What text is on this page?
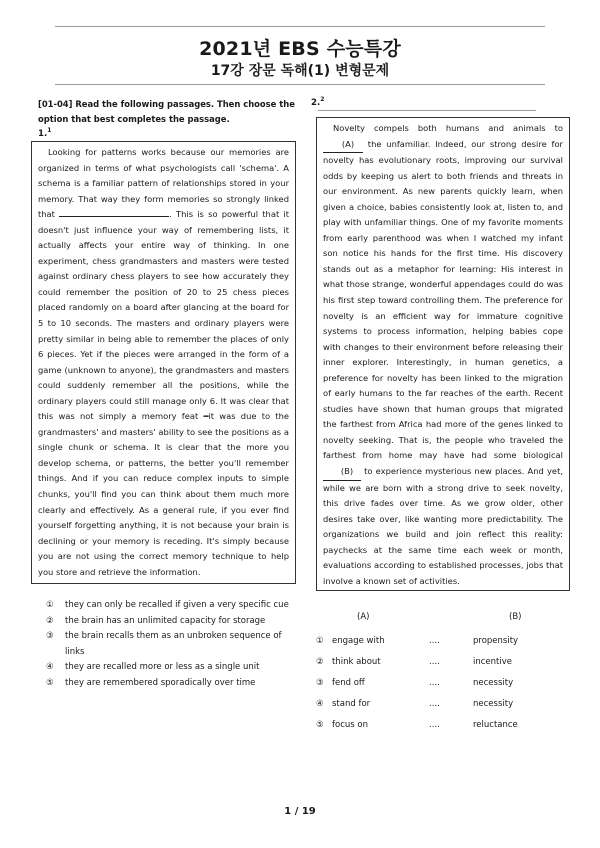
2021년 EBS 수능특강
17강 장문 독해(1) 변형문제
[01-04] Read the following passages. Then choose the option that best completes the passage.
1.$^1$

Looking for patterns works because our memories are organized in terms of what psychologists call 'schema'. A schema is a familiar pattern of relationships stored in your memory. That way they form memories so strongly linked that	. This is so powerful that it doesn't just influence your way of remembering lists, it actually affects your entire way of thinking. In one experiment, chess grandmasters and masters were tested against ordinary chess players to see how accurately they could remember the position of 20 to 25 chess pieces placed randomly on a board after glancing at the board for 5 to 10 seconds. The masters and ordinary players were pretty similar in being able to remember the places of only 6 pieces. Yet if the pieces were arranged in the form of a game (unknown to anyone), the grandmasters and masters could suddenly remember all the positions, while the ordinary players could still manage only 6. It was clear that this was not simply a memory feat ━it was due to the grandmasters' and masters' ability to see the positions as a single chunk or schema. It is clear that the more you develop schema, or patterns, the better you'll remember things. And if you can reduce complex inputs to simple chunks, you'll find you can think about them much more clearly and effectively. As a general rule, if you ever find yourself forgetting anything, it is not because your brain is declining or your memory is receding. It's simply because you are not using the correct memory technique to help you store and retrieve the information.

①	they can only be recalled if given a very specific cue
②	the brain has an unlimited capacity for storage
③	the brain recalls them as an unbroken sequence of links
④	they are recalled more or less as a single unit
⑤	they are remembered sporadically over time
2.$^2$

Novelty compels both humans and animals to (A) the unfamiliar. Indeed, our strong desire for novelty has evolutionary roots, improving our survival odds by keeping us alert to both friends and threats in our environment. As new parents quickly learn, when given a choice, babies consistently look at, listen to, and play with unfamiliar things. One of my favorite moments from early parenthood was when I watched my infant son notice his hands for the first time. His discovery stands out as a metaphor for learning: His interest in what those strange, wonderful appendages could do was his first step toward controlling them. The preference for novelty is an efficient way for immature cognitive systems to process information, helping babies cope with changes to their environment before releasing their inner explorer. Interestingly, in human genetics, a preference for novelty has been linked to the migration of early humans to the far reaches of the earth. Recent studies have shown that human groups that migrated the farthest from Africa had more of the genes linked to novelty seeking. That is, the people who traveled the farthest from home may have had some biological (B) to experience mysterious new places. And yet, while we are born with a strong drive to seek novelty, this drive fades over time. As we grow older, other desires take over, like wanting more predictability. The organizations we build and join reflect this reality: paychecks at the same time each week or month, evaluations according to established processes, jobs that involve a known set of activities.

(A)	(B)
① engage with	....	propensity
② think about	....	incentive
③ fend off	....	necessity
④ stand for	....	necessity
⑤ focus on	....	reluctance
1 / 19
